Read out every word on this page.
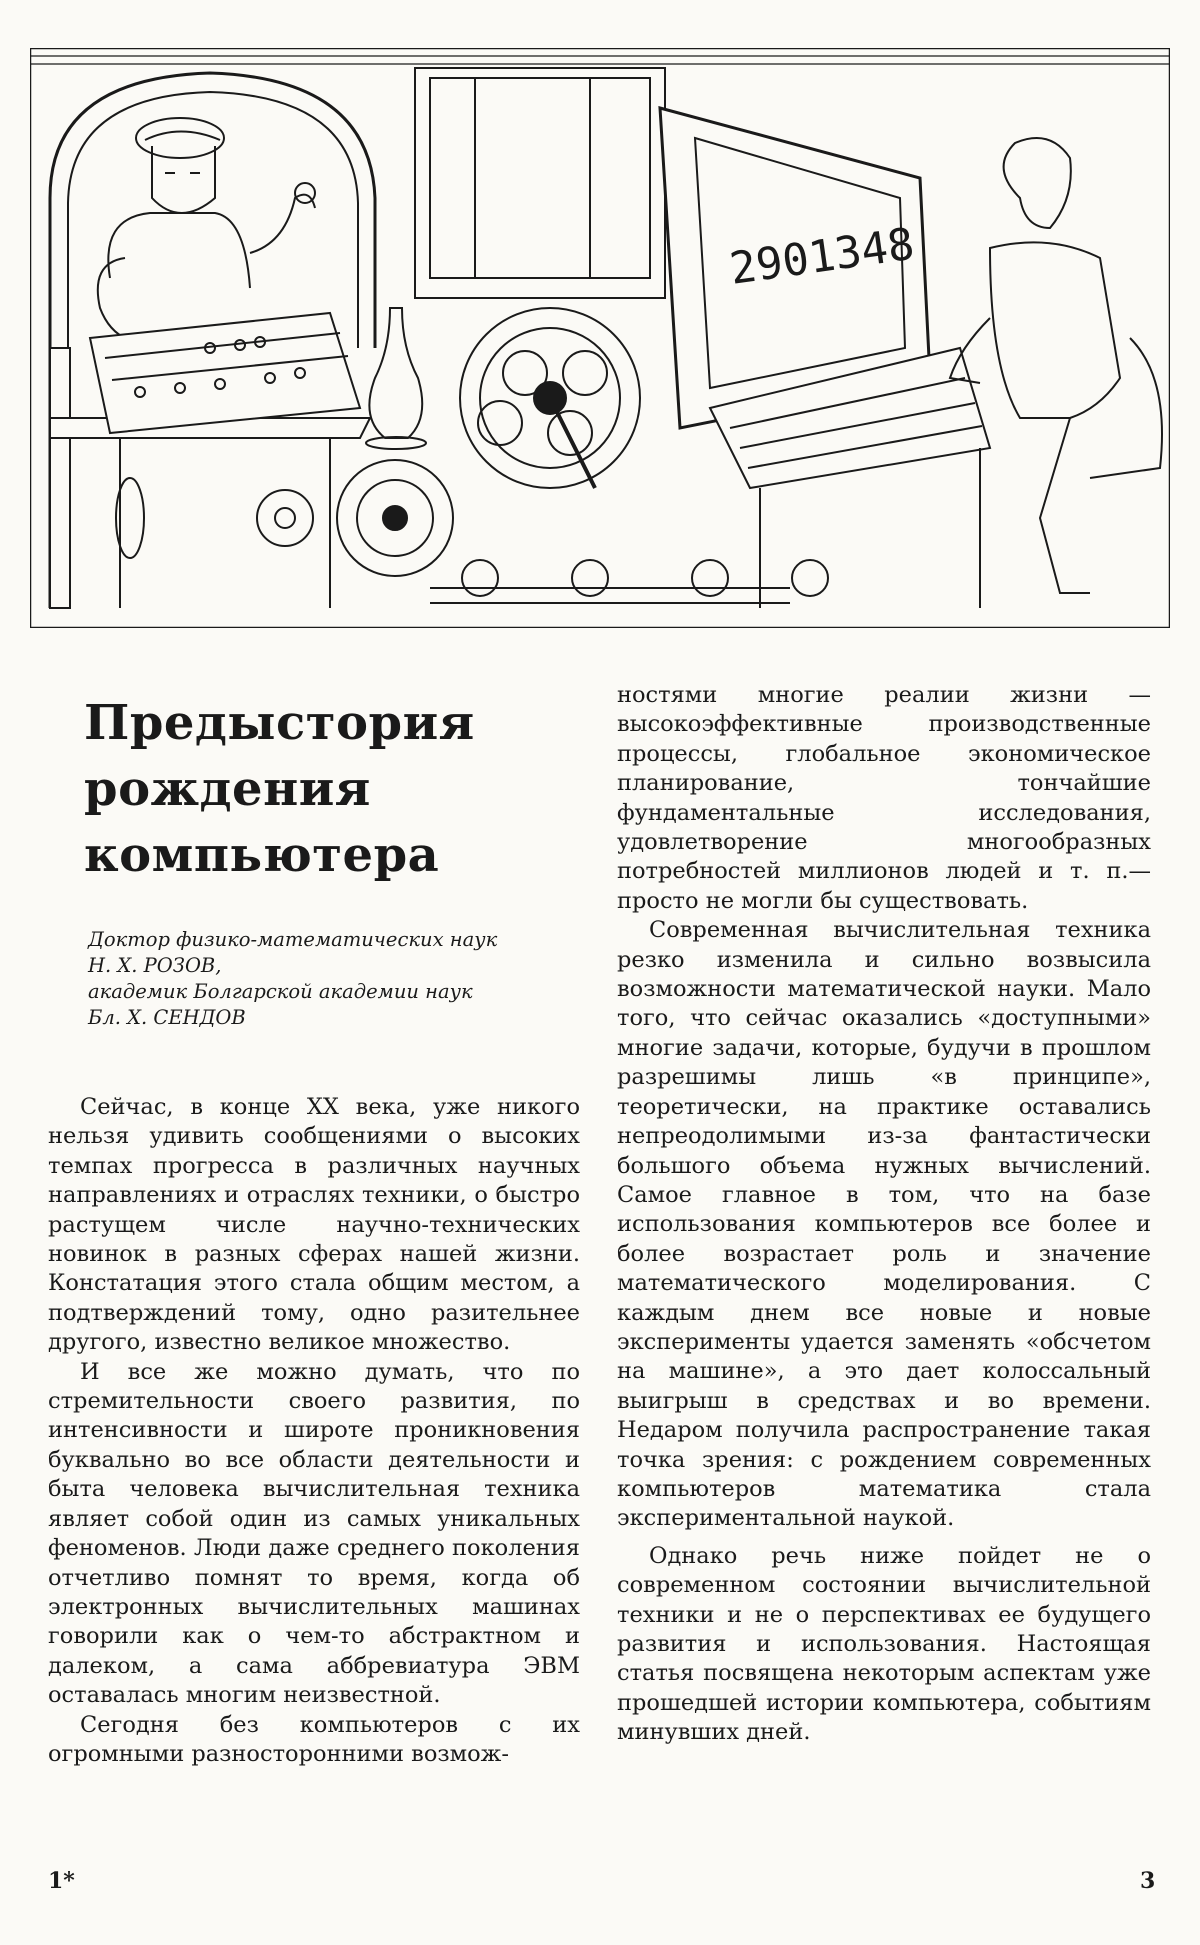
2901348
Предыстория
рождения
компьютера
Доктор физико-математических наук
Н. Х. РОЗОВ,
академик Болгарской академии наук
Бл. Х. СЕНДОВ

Сейчас, в конце XX века, уже никого нельзя удивить сообщениями о высоких темпах прогресса в различных научных направлениях и отраслях техники, о быстро растущем числе научно-технических новинок в разных сферах нашей жизни. Констатация этого стала общим местом, а подтверждений тому, одно разительнее другого, известно великое множество.

И все же можно думать, что по стремительности своего развития, по интенсивности и широте проникновения буквально во все области деятельности и быта человека вычислительная техника являет собой один из самых уникальных феноменов. Люди даже среднего поколения отчетливо помнят то время, когда об электронных вычислительных машинах говорили как о чем-то абстрактном и далеком, а сама аббревиатура ЭВМ оставалась многим неизвестной.

Сегодня без компьютеров с их огромными разносторонними возмож-

ностями многие реалии жизни — высокоэффективные производственные процессы, глобальное экономическое планирование, тончайшие фундаментальные исследования, удовлетворение многообразных потребностей миллионов людей и т. п.— просто не могли бы существовать.

Современная вычислительная техника резко изменила и сильно возвысила возможности математической науки. Мало того, что сейчас оказались «доступными» многие задачи, которые, будучи в прошлом разрешимы лишь «в принципе», теоретически, на практике оставались непреодолимыми из-за фантастически большого объема нужных вычислений. Самое главное в том, что на базе использования компьютеров все более и более возрастает роль и значение математического моделирования. С каждым днем все новые и новые эксперименты удается заменять «обсчетом на машине», а это дает колоссальный выигрыш в средствах и во времени. Недаром получила распространение такая точка зрения: с рождением современных компьютеров математика стала экспериментальной наукой.

Однако речь ниже пойдет не о современном состоянии вычислительной техники и не о перспективах ее будущего развития и использования. Настоящая статья посвящена некоторым аспектам уже прошедшей истории компьютера, событиям минувших дней.

1*	3
